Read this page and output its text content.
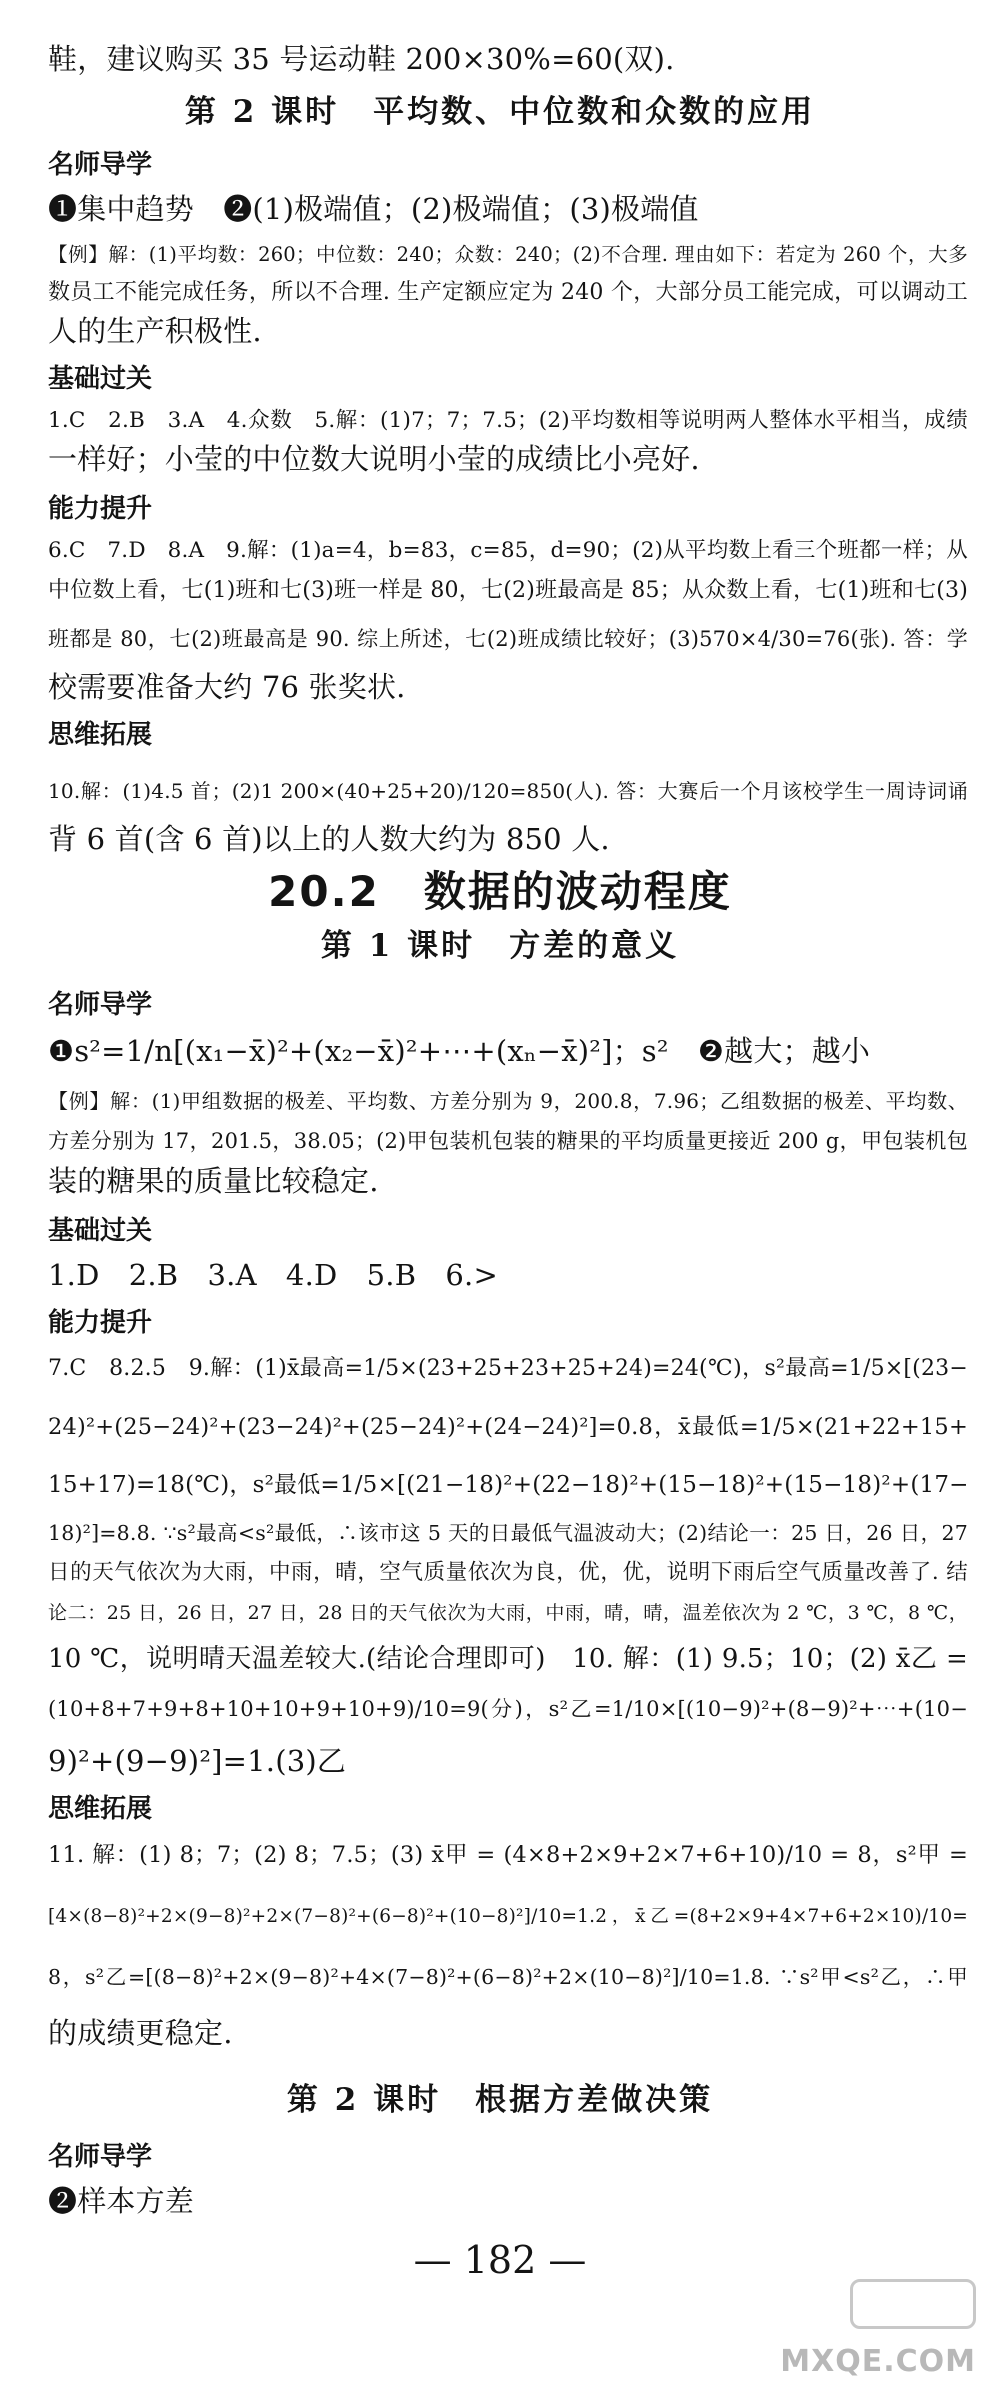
鞋，建议购买 35 号运动鞋 200×30%=60(双).
第 2 课时　平均数、中位数和众数的应用
名师导学
❶集中趋势　❷(1)极端值；(2)极端值；(3)极端值
【例】解：(1)平均数：260；中位数：240；众数：240；(2)不合理. 理由如下：若定为 260 个，大多
数员工不能完成任务，所以不合理. 生产定额应定为 240 个，大部分员工能完成，可以调动工
人的生产积极性.
基础过关
1.C　2.B　3.A　4.众数　5.解：(1)7；7；7.5；(2)平均数相等说明两人整体水平相当，成绩
一样好；小莹的中位数大说明小莹的成绩比小亮好.
能力提升
6.C　7.D　8.A　9.解：(1)a=4，b=83，c=85，d=90；(2)从平均数上看三个班都一样；从
中位数上看，七(1)班和七(3)班一样是 80，七(2)班最高是 85；从众数上看，七(1)班和七(3)
班都是 80，七(2)班最高是 90. 综上所述，七(2)班成绩比较好；(3)570×4/30=76(张). 答：学
校需要准备大约 76 张奖状.
思维拓展
10.解：(1)4.5 首；(2)1 200×(40+25+20)/120=850(人). 答：大赛后一个月该校学生一周诗词诵
背 6 首(含 6 首)以上的人数大约为 850 人.
20.2　数据的波动程度
第 1 课时　方差的意义
名师导学
❶s²=1/n[(x₁−x̄)²+(x₂−x̄)²+⋯+(xₙ−x̄)²]；s²　❷越大；越小
【例】解：(1)甲组数据的极差、平均数、方差分别为 9，200.8，7.96；乙组数据的极差、平均数、
方差分别为 17，201.5，38.05；(2)甲包装机包装的糖果的平均质量更接近 200 g，甲包装机包
装的糖果的质量比较稳定.
基础过关
1.D　2.B　3.A　4.D　5.B　6.>
能力提升
7.C　8.2.5　9.解：(1)x̄最高=1/5×(23+25+23+25+24)=24(℃)，s²最高=1/5×[(23−
24)²+(25−24)²+(23−24)²+(25−24)²+(24−24)²]=0.8，x̄最低=1/5×(21+22+15+
15+17)=18(℃)，s²最低=1/5×[(21−18)²+(22−18)²+(15−18)²+(15−18)²+(17−
18)²]=8.8. ∵s²最高<s²最低，∴该市这 5 天的日最低气温波动大；(2)结论一：25 日，26 日，27
日的天气依次为大雨，中雨，晴，空气质量依次为良，优，优，说明下雨后空气质量改善了. 结
论二：25 日，26 日，27 日，28 日的天气依次为大雨，中雨，晴，晴，温差依次为 2 ℃，3 ℃，8 ℃，
10 ℃，说明晴天温差较大.(结论合理即可)　10. 解：(1) 9.5；10；(2) x̄乙 =
(10+8+7+9+8+10+10+9+10+9)/10=9(分)，s²乙=1/10×[(10−9)²+(8−9)²+⋯+(10−
9)²+(9−9)²]=1.(3)乙
思维拓展
11. 解：(1) 8；7；(2) 8；7.5；(3) x̄甲 = (4×8+2×9+2×7+6+10)/10 = 8，s²甲 =
[4×(8−8)²+2×(9−8)²+2×(7−8)²+(6−8)²+(10−8)²]/10=1.2，x̄乙=(8+2×9+4×7+6+2×10)/10=
8，s²乙=[(8−8)²+2×(9−8)²+4×(7−8)²+(6−8)²+2×(10−8)²]/10=1.8. ∵s²甲<s²乙，∴甲
的成绩更稳定.
第 2 课时　根据方差做决策
名师导学
❷样本方差
— 182 —
MXQE.COM
